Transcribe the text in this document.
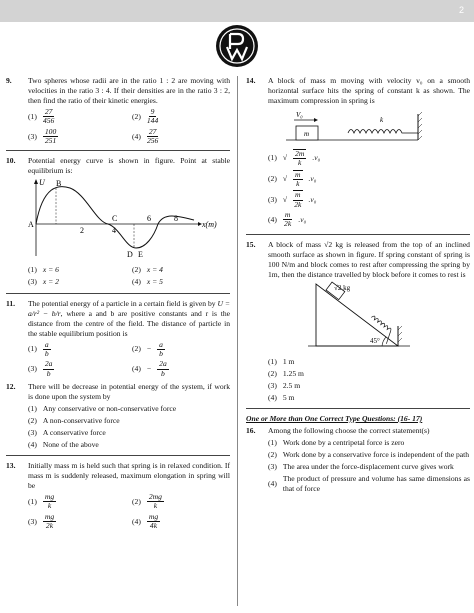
2
9. Two spheres whose radii are in the ratio 1 : 2 are moving with velocities in the ratio 3 : 4. If their densities are in the ratio 3 : 2, then find the ratio of their kinetic energies.
$(1) \frac{27}{456}$	$(2) \frac{9}{144}$
$(3) \frac{100}{251}$	$(4) \frac{27}{256}$
10. Potential energy curve is shown in figure. Point at stable equilibrium is:
U
x(m)
A
B
C
D E
2	4
6	8
(1) x = 6	(2) x = 4
(3) x = 2	(4) x = 5
11. The potential energy of a particle in a certain field is given by U = a/r² − b/r, where a and b are positive constants and r is the distance from the centre of the field. The distance of particle in the stable equilibrium position is
$(1) \frac{a}{b}$	$(2) - \frac{a}{b}$
$(3) \frac{2a}{b}$	$(4) - \frac{2a}{b}$
12. There will be decrease in potential energy of the system, if work is done upon the system by
(1) Any conservative or non-conservative force
(2) A non-conservative force
(3) A conservative force
(4) None of the above
13. Initially mass m is held such that spring is in relaxed condition. If mass m is suddenly released, maximum elongation in spring will be
$(1) \frac{mg}{k}$	$(2) \frac{2mg}{k}$
$(3) \frac{mg}{2k}$	$(4) \frac{mg}{4k}$
14. A block of mass m moving with velocity v₀ on a smooth horizontal surface hits the spring of constant k as shown. The maximum compression in spring is
V₀
m
k
(1) √ $\frac{2m}{k} .v_0$
(2) √ $\frac{m}{k} .v_0$
(3) √ $\frac{m}{2k} .v_0$
$(4) \frac{m}{2k} .v_0$
15. A block of mass √2 kg is released from the top of an inclined smooth surface as shown in figure. If spring constant of spring is 100 N/m and block comes to rest after compressing the spring by 1m, then the distance travelled by block before it comes to rest is
√2 kg
45°
(1) 1 m
(2) 1.25 m
(3) 2.5 m
(4) 5 m
One or More than One Correct Type Questions: (16- 17)
16. Among the following choose the correct statement(s)
(1) Work done by a centripetal force is zero
(2) Work done by a conservative force is independent of the path
(3) The area under the force-displacement curve gives work
(4)
The product of pressure and volume has same dimensions as that of force
